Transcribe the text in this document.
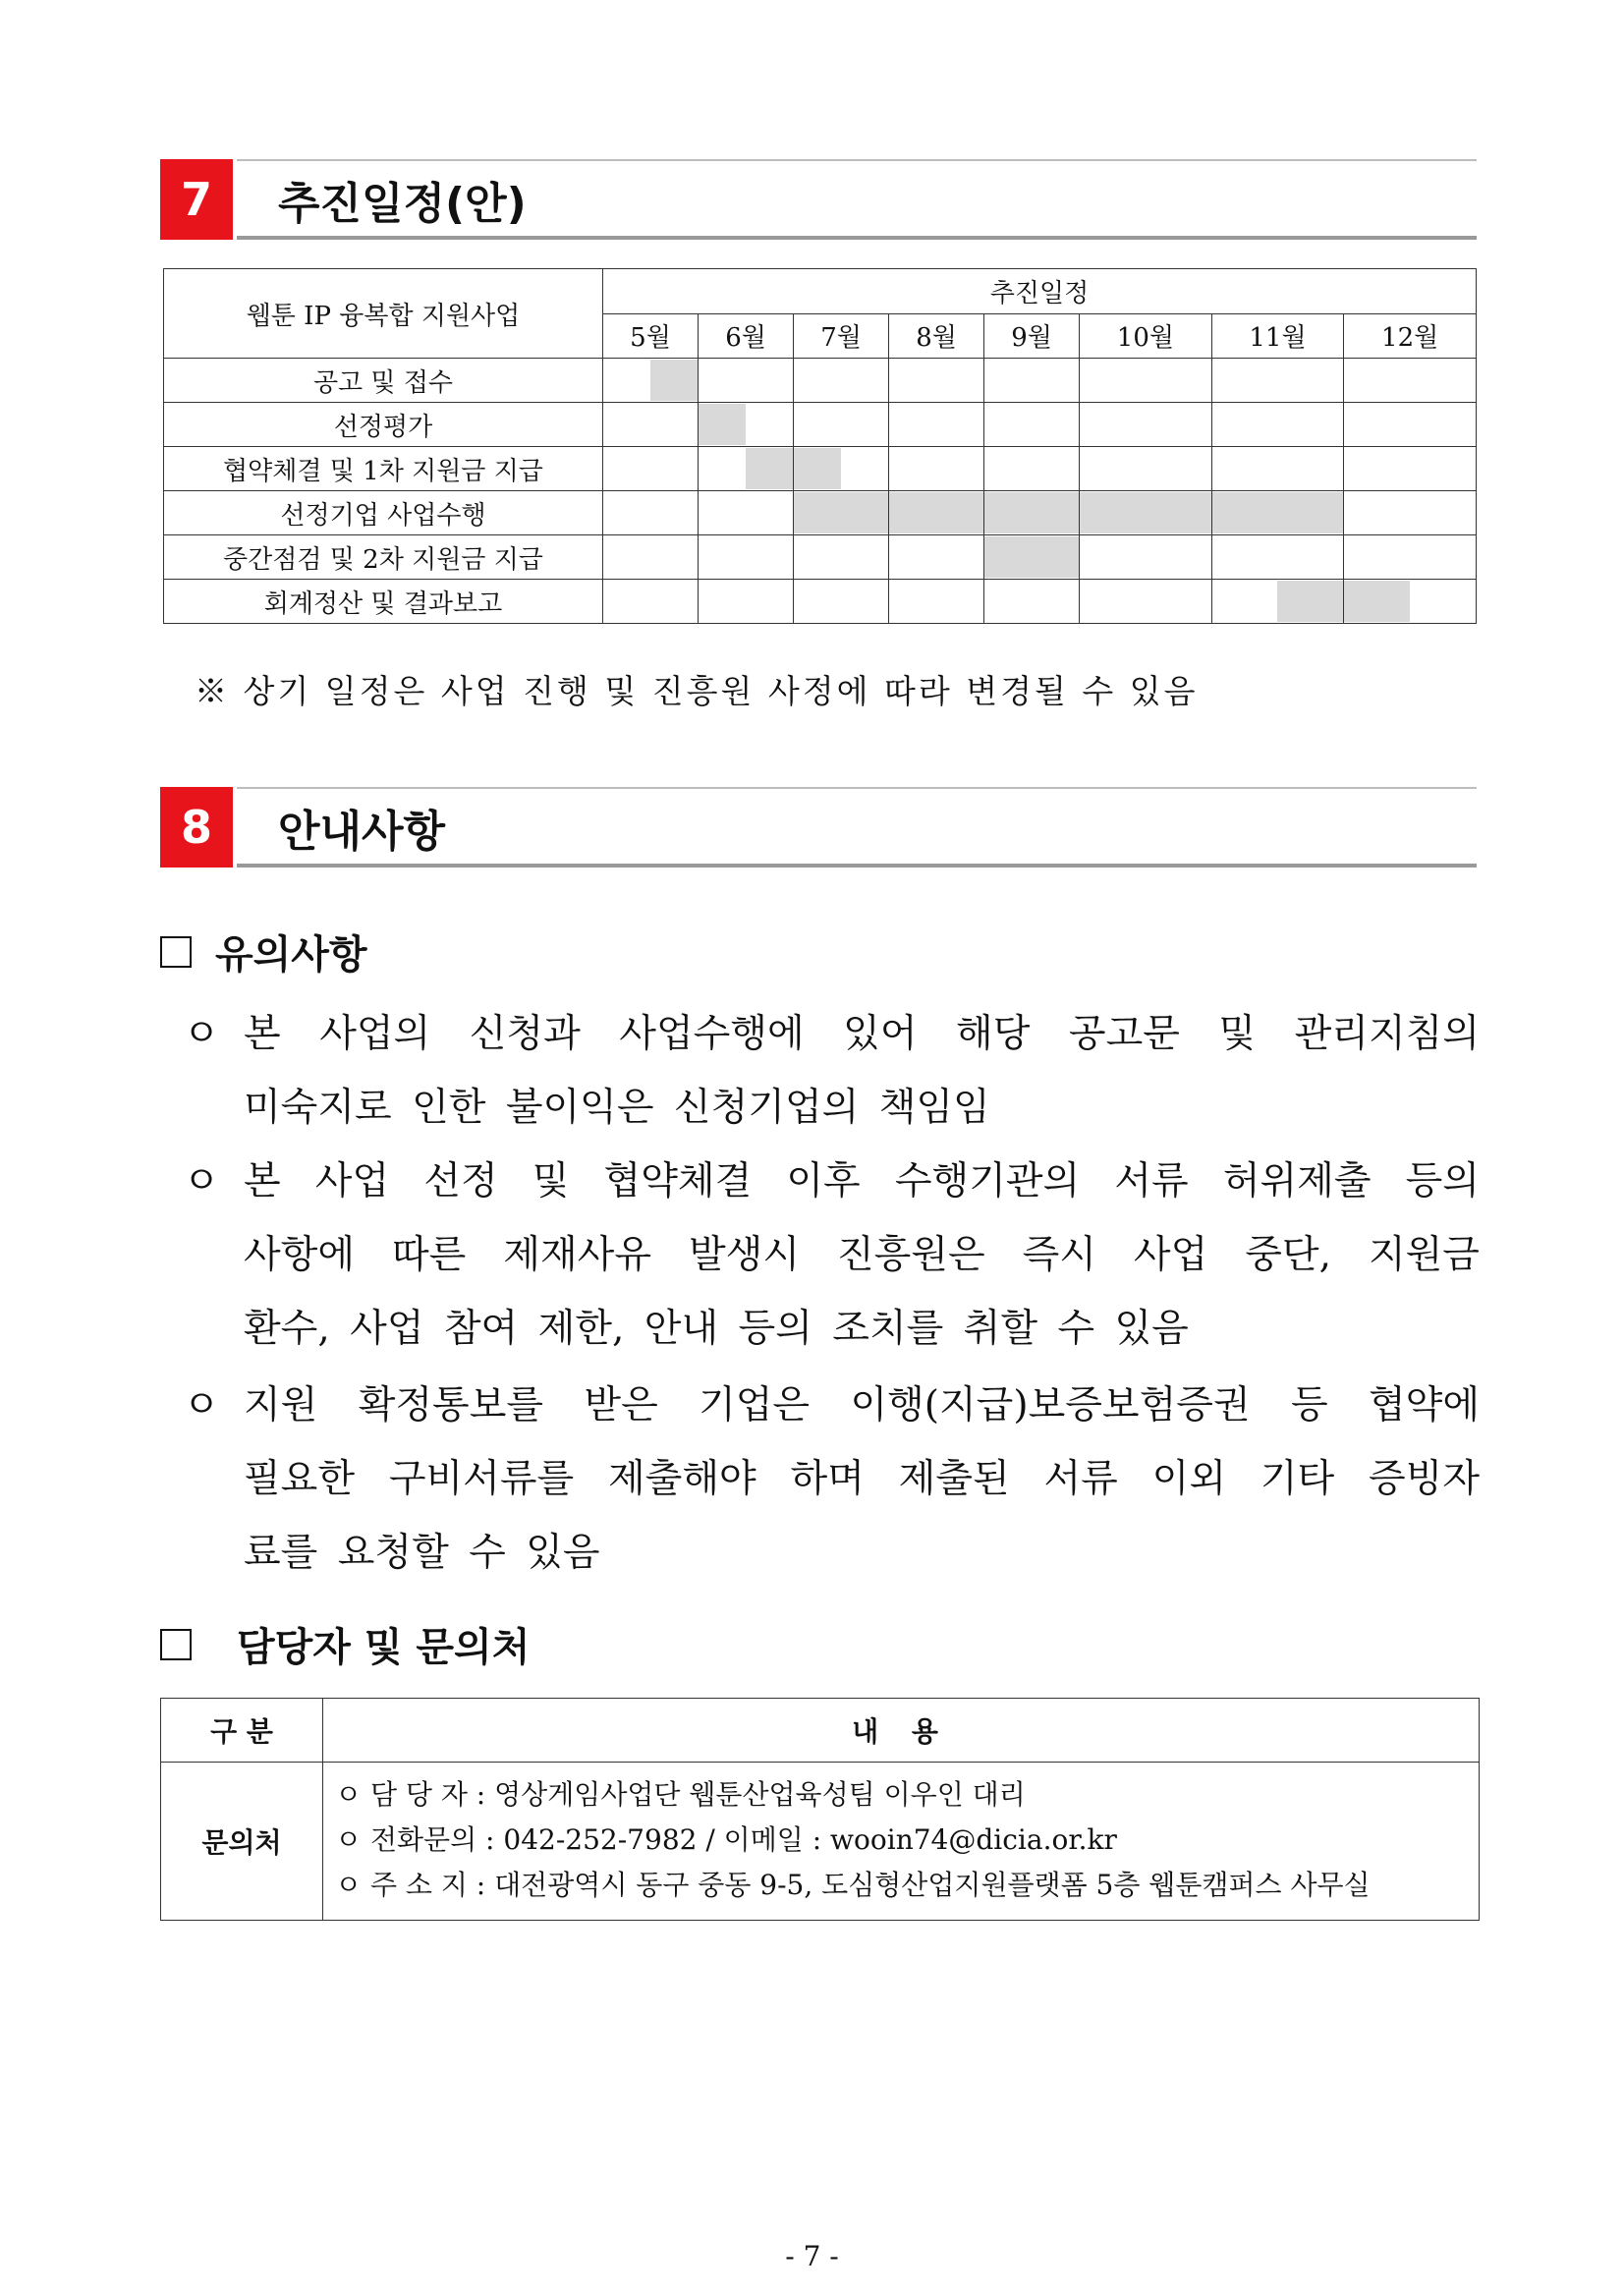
7	추진일정(안)
웹툰 IP 융복합 지원사업	추진일정							
	5월	6월	7월	8월	9월	10월	11월	12월
공고 및 접수	

선정평가		

협약체결 및 1차 지원금 지급		

선정기업 사업수행			

중간점검 및 2차 지원금 지급					

회계정산 및 결과보고							

※ 상기 일정은 사업 진행 및 진흥원 사정에 따라 변경될 수 있음
8	안내사항
유의사항
ㅇ 본 사업의 신청과 사업수행에 있어 해당 공고문 및 관리지침의
미숙지로 인한 불이익은 신청기업의 책임임
ㅇ 본 사업 선정 및 협약체결 이후 수행기관의 서류 허위제출 등의
사항에 따른 제재사유 발생시 진흥원은 즉시 사업 중단, 지원금
환수, 사업 참여 제한, 안내 등의 조치를 취할 수 있음
ㅇ 지원 확정통보를 받은 기업은 이행(지급)보증보험증권 등 협약에
필요한 구비서류를 제출해야 하며 제출된 서류 이외 기타 증빙자
료를 요청할 수 있음
담당자 및 문의처
구 분	내 용
문의처	ㅇ 담 당 자 : 영상게임사업단 웹툰산업육성팀 이우인 대리
ㅇ 전화문의 : 042-252-7982 / 이메일 : wooin74@dicia.or.kr
ㅇ 주 소 지 : 대전광역시 동구 중동 9-5, 도심형산업지원플랫폼 5층 웹툰캠퍼스 사무실
- 7 -
